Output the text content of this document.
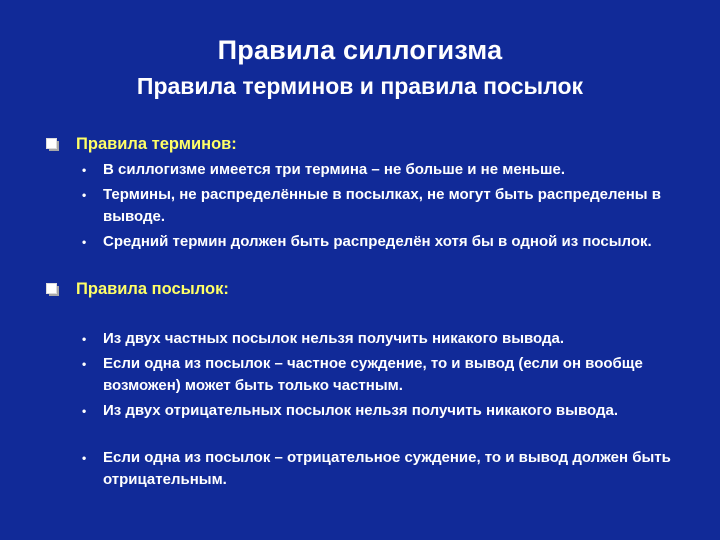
Правила силлогизма
Правила терминов и правила посылок
Правила терминов:
•	В силлогизме имеется три термина – не больше и не меньше.
•	Термины, не распределённые в посылках, не могут быть распределены в выводе.
•	Средний термин должен быть распределён хотя бы в одной из посылок.
Правила посылок:
•	Из двух частных посылок нельзя получить никакого вывода.
•	Если одна из посылок – частное суждение, то и вывод (если он вообще возможен) может быть только частным.
•	Из двух отрицательных посылок нельзя получить никакого вывода.
•	Если одна из посылок – отрицательное суждение, то и вывод должен быть отрицательным.
